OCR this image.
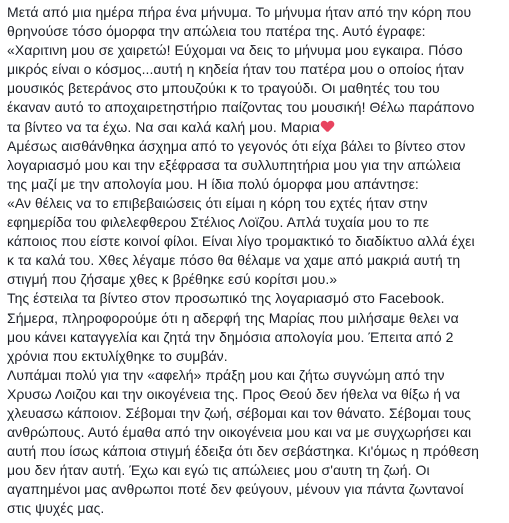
Μετά από μια ημέρα πήρα ένα μήνυμα. Το μήνυμα ήταν από την κόρη που
θρηνούσε τόσο όμορφα την απώλεια του πατέρα της. Αυτό έγραφε:
«Χαριτινη μου σε χαιρετώ! Εύχομαι να δεις το μήνυμα μου εγκαιρα. Πόσο
μικρός είναι ο κόσμος...αυτή η κηδεία ήταν του πατέρα μου ο οποίος ήταν
μουσικός βετεράνος στο μπουζούκι κ το τραγούδι. Οι μαθητές του του
έκαναν αυτό το αποχαιρετηστήριο παίζοντας του μουσική! Θέλω παράπονο
τα βίντεο να τα έχω. Να σαι καλά καλή μου. Μαρια
Αμέσως αισθάνθηκα άσχημα από το γεγονός ότι είχα βάλει το βίντεο στον
λογαριασμό μου και την εξέφρασα τα συλλυπητήρια μου για την απώλεια
της μαζί με την απολογία μου. Η ίδια πολύ όμορφα μου απάντησε:
«Αν θέλεις να το επιβεβαιώσεις ότι είμαι η κόρη του εχτές ήταν στην
εφημερίδα του φιλελεφθερου Στέλιος Λοϊζου. Απλά τυχαία μου το πε
κάποιος που είστε κοινοί φίλοι. Είναι λίγο τρομακτικό το διαδίκτυο αλλά έχει
κ τα καλά του. Χθες λέγαμε πόσο θα θέλαμε να χαμε από μακριά αυτή τη
στιγμή που ζήσαμε χθες κ βρέθηκε εσύ κορίτσι μου.»
Της έστειλα τα βίντεο στον προσωπικό της λογαριασμό στο Facebook.
Σήμερα, πληροφορούμε ότι η αδερφή της Μαρίας που μιλήσαμε θελει να
μου κάνει καταγγελία και ζητά την δημόσια απολογία μου. Έπειτα από 2
χρόνια που εκτυλίχθηκε το συμβάν.
Λυπάμαι πολύ για την «αφελή» πράξη μου και ζήτω συγνώμη από την
Χρυσω Λοιζου και την οικογένεια της. Προς Θεού δεν ήθελα να θίξω ή να
χλευασω κάποιον. Σέβομαι την ζωή, σέβομαι και τον θάνατο. Σέβομαι τους
ανθρώπους. Αυτό έμαθα από την οικογένεια μου και να με συγχωρήσει και
αυτή που ίσως κάποια στιγμή έδειξα ότι δεν σεβάστηκα. Κι'όμως η πρόθεση
μου δεν ήταν αυτή. Έχω και εγώ τις απώλειες μου σ'αυτη τη ζωή. Οι
αγαπημένοι μας ανθρωποι ποτέ δεν φεύγουν, μένουν για πάντα ζωντανοί
στις ψυχές μας.
